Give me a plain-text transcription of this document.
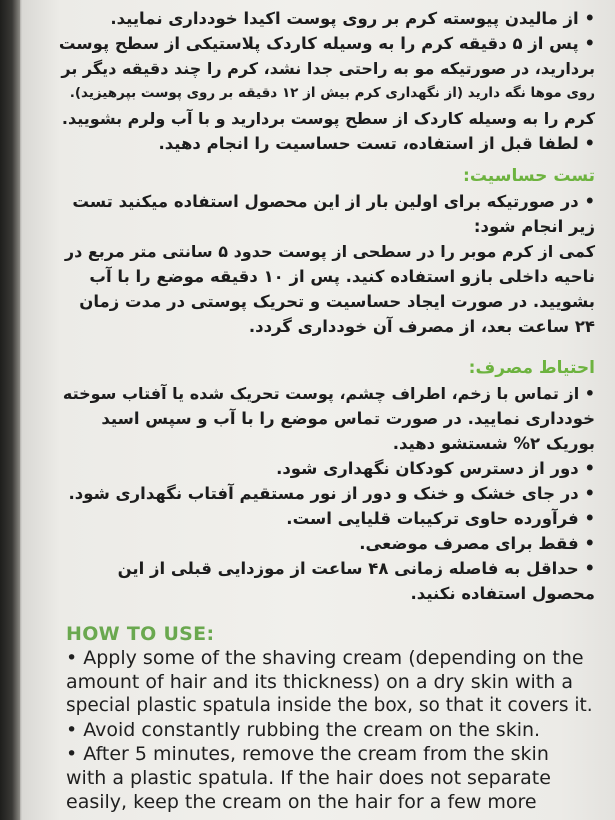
• از مالیدن پیوسته کرم بر روی پوست اکیدا خودداری نمایید.
• پس از ۵ دقیقه کرم را به وسیله کاردک پلاستیکی از سطح پوست
بردارید، در صورتیکه مو به راحتی جدا نشد، کرم را چند دقیقه دیگر بر
روی موها نگه دارید (از نگهداری کرم بیش از ۱۲ دقیقه بر روی پوست بپرهیزید).
کرم را به وسیله کاردک از سطح پوست بردارید و با آب ولرم بشویید.
• لطفا قبل از استفاده، تست حساسیت را انجام دهید.
تست حساسیت:
• در صورتیکه برای اولین بار از این محصول استفاده میکنید تست
زیر انجام شود:
کمی از کرم موبر را در سطحی از پوست حدود ۵ سانتی متر مربع در
ناحیه داخلی بازو استفاده کنید. پس از ۱۰ دقیقه موضع را با آب
بشویید. در صورت ایجاد حساسیت و تحریک پوستی در مدت زمان
۲۴ ساعت بعد، از مصرف آن خودداری گردد.
احتیاط مصرف:
• از تماس با زخم، اطراف چشم، پوست تحریک شده یا آفتاب سوخته
خودداری نمایید. در صورت تماس موضع را با آب و سپس اسید
بوریک ۲% شستشو دهید.
• دور از دسترس کودکان نگهداری شود.
• در جای خشک و خنک و دور از نور مستقیم آفتاب نگهداری شود.
• فرآورده حاوی ترکیبات قلیایی است.
• فقط برای مصرف موضعی.
• حداقل به فاصله زمانی ۴۸ ساعت از موزدایی قبلی از این
محصول استفاده نکنید.
HOW TO USE:
• Apply some of the shaving cream (depending on the
amount of hair and its thickness) on a dry skin with a
special plastic spatula inside the box, so that it covers it.
• Avoid constantly rubbing the cream on the skin.
• After 5 minutes, remove the cream from the skin
with a plastic spatula. If the hair does not separate
easily, keep the cream on the hair for a few more
